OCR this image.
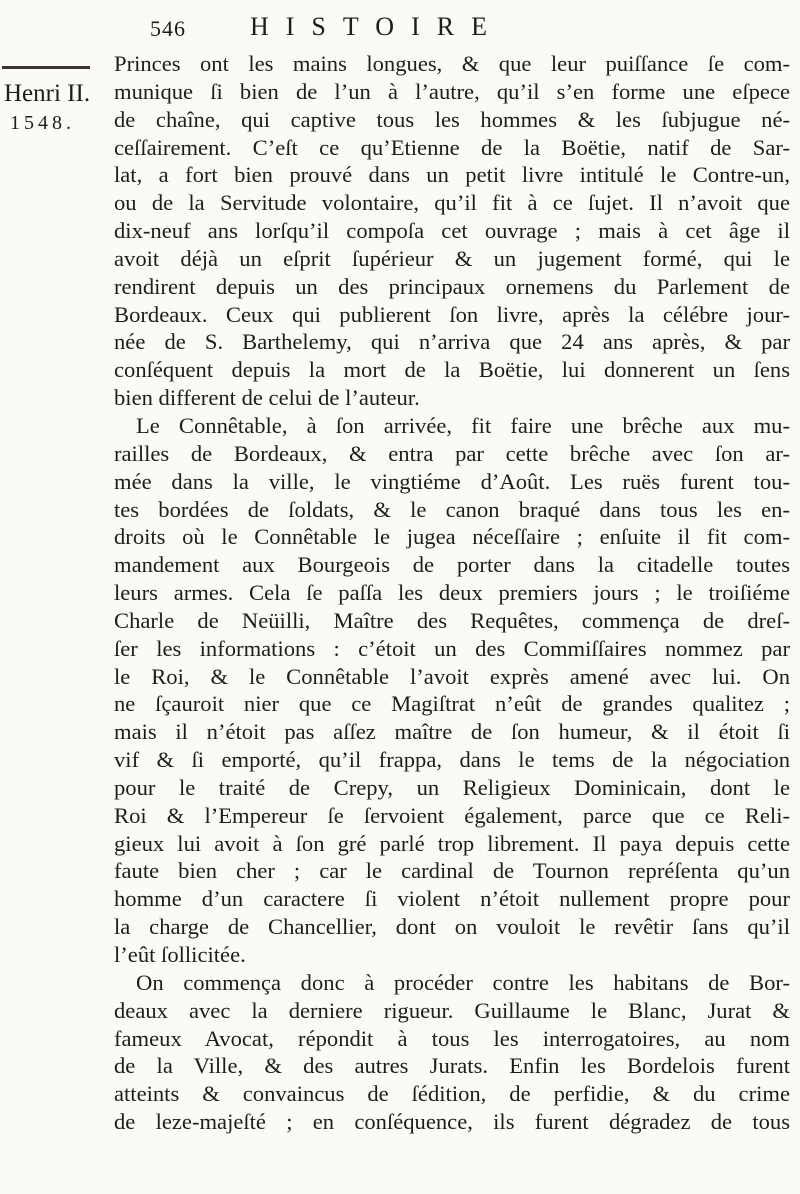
546 HISTOIRE
Henri II.
1548.
Princes ont les mains longues, & que leur puiſſance ſe com-
munique ſi bien de l’un à l’autre, qu’il s’en forme une eſpece
de chaîne, qui captive tous les hommes & les ſubjugue né-
ceſſairement. C’eſt ce qu’Etienne de la Boëtie, natif de Sar-
lat, a fort bien prouvé dans un petit livre intitulé le Contre-un,
ou de la Servitude volontaire, qu’il fit à ce ſujet. Il n’avoit que
dix-neuf ans lorſqu’il compoſa cet ouvrage ; mais à cet âge il
avoit déjà un eſprit ſupérieur & un jugement formé, qui le
rendirent depuis un des principaux ornemens du Parlement de
Bordeaux. Ceux qui publierent ſon livre, après la célébre jour-
née de S. Barthelemy, qui n’arriva que 24 ans après, & par
conſéquent depuis la mort de la Boëtie, lui donnerent un ſens
bien different de celui de l’auteur.
Le Connêtable, à ſon arrivée, fit faire une brêche aux mu-
railles de Bordeaux, & entra par cette brêche avec ſon ar-
mée dans la ville, le vingtiéme d’Août. Les ruës furent tou-
tes bordées de ſoldats, & le canon braqué dans tous les en-
droits où le Connêtable le jugea néceſſaire ; enſuite il fit com-
mandement aux Bourgeois de porter dans la citadelle toutes
leurs armes. Cela ſe paſſa les deux premiers jours ; le troiſiéme
Charle de Neüilli, Maître des Requêtes, commença de dreſ-
ſer les informations : c’étoit un des Commiſſaires nommez par
le Roi, & le Connêtable l’avoit exprès amené avec lui. On
ne ſçauroit nier que ce Magiſtrat n’eût de grandes qualitez ;
mais il n’étoit pas aſſez maître de ſon humeur, & il étoit ſi
vif & ſi emporté, qu’il frappa, dans le tems de la négociation
pour le traité de Crepy, un Religieux Dominicain, dont le
Roi & l’Empereur ſe ſervoient également, parce que ce Reli-
gieux lui avoit à ſon gré parlé trop librement. Il paya depuis cette
faute bien cher ; car le cardinal de Tournon repréſenta qu’un
homme d’un caractere ſi violent n’étoit nullement propre pour
la charge de Chancellier, dont on vouloit le revêtir ſans qu’il
l’eût ſollicitée.
On commença donc à procéder contre les habitans de Bor-
deaux avec la derniere rigueur. Guillaume le Blanc, Jurat &
fameux Avocat, répondit à tous les interrogatoires, au nom
de la Ville, & des autres Jurats. Enfin les Bordelois furent
atteints & convaincus de ſédition, de perfidie, & du crime
de leze-majeſté ; en conſéquence, ils furent dégradez de tous
